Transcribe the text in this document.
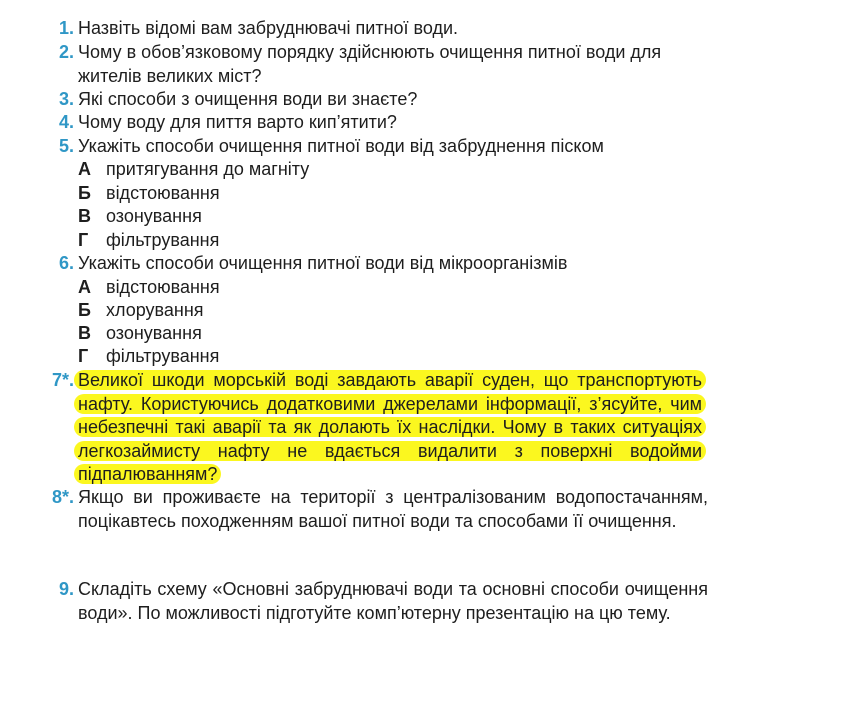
1. Назвіть відомі вам забруднювачі питної води.
2. Чому в обов’язковому порядку здійснюють очищення питної води для жителів великих міст?
3. Які способи з очищення води ви знаєте?
4. Чому воду для пиття варто кип’ятити?
5. Укажіть способи очищення питної води від забруднення піском
А притягування до магніту
Б відстоювання
В озонування
Г фільтрування
6. Укажіть способи очищення питної води від мікроорганізмів
А відстоювання
Б хлорування
В озонування
Г фільтрування
7*. Великої шкоди морській воді завдають аварії суден, що транспортують нафту. Користуючись додатковими джерелами інформації, з’ясуйте, чим небезпечні такі аварії та як долають їх наслідки. Чому в таких ситуаціях легкозаймисту нафту не вдається видалити з поверхні водойми підпалюванням?
8*. Якщо ви проживаєте на території з централізованим водопостачанням, поцікавтесь походженням вашої питної води та способами її очищення.
9. Складіть схему «Основні забруднювачі води та основні способи очищення води». По можливості підготуйте комп’ютерну презентацію на цю тему.
